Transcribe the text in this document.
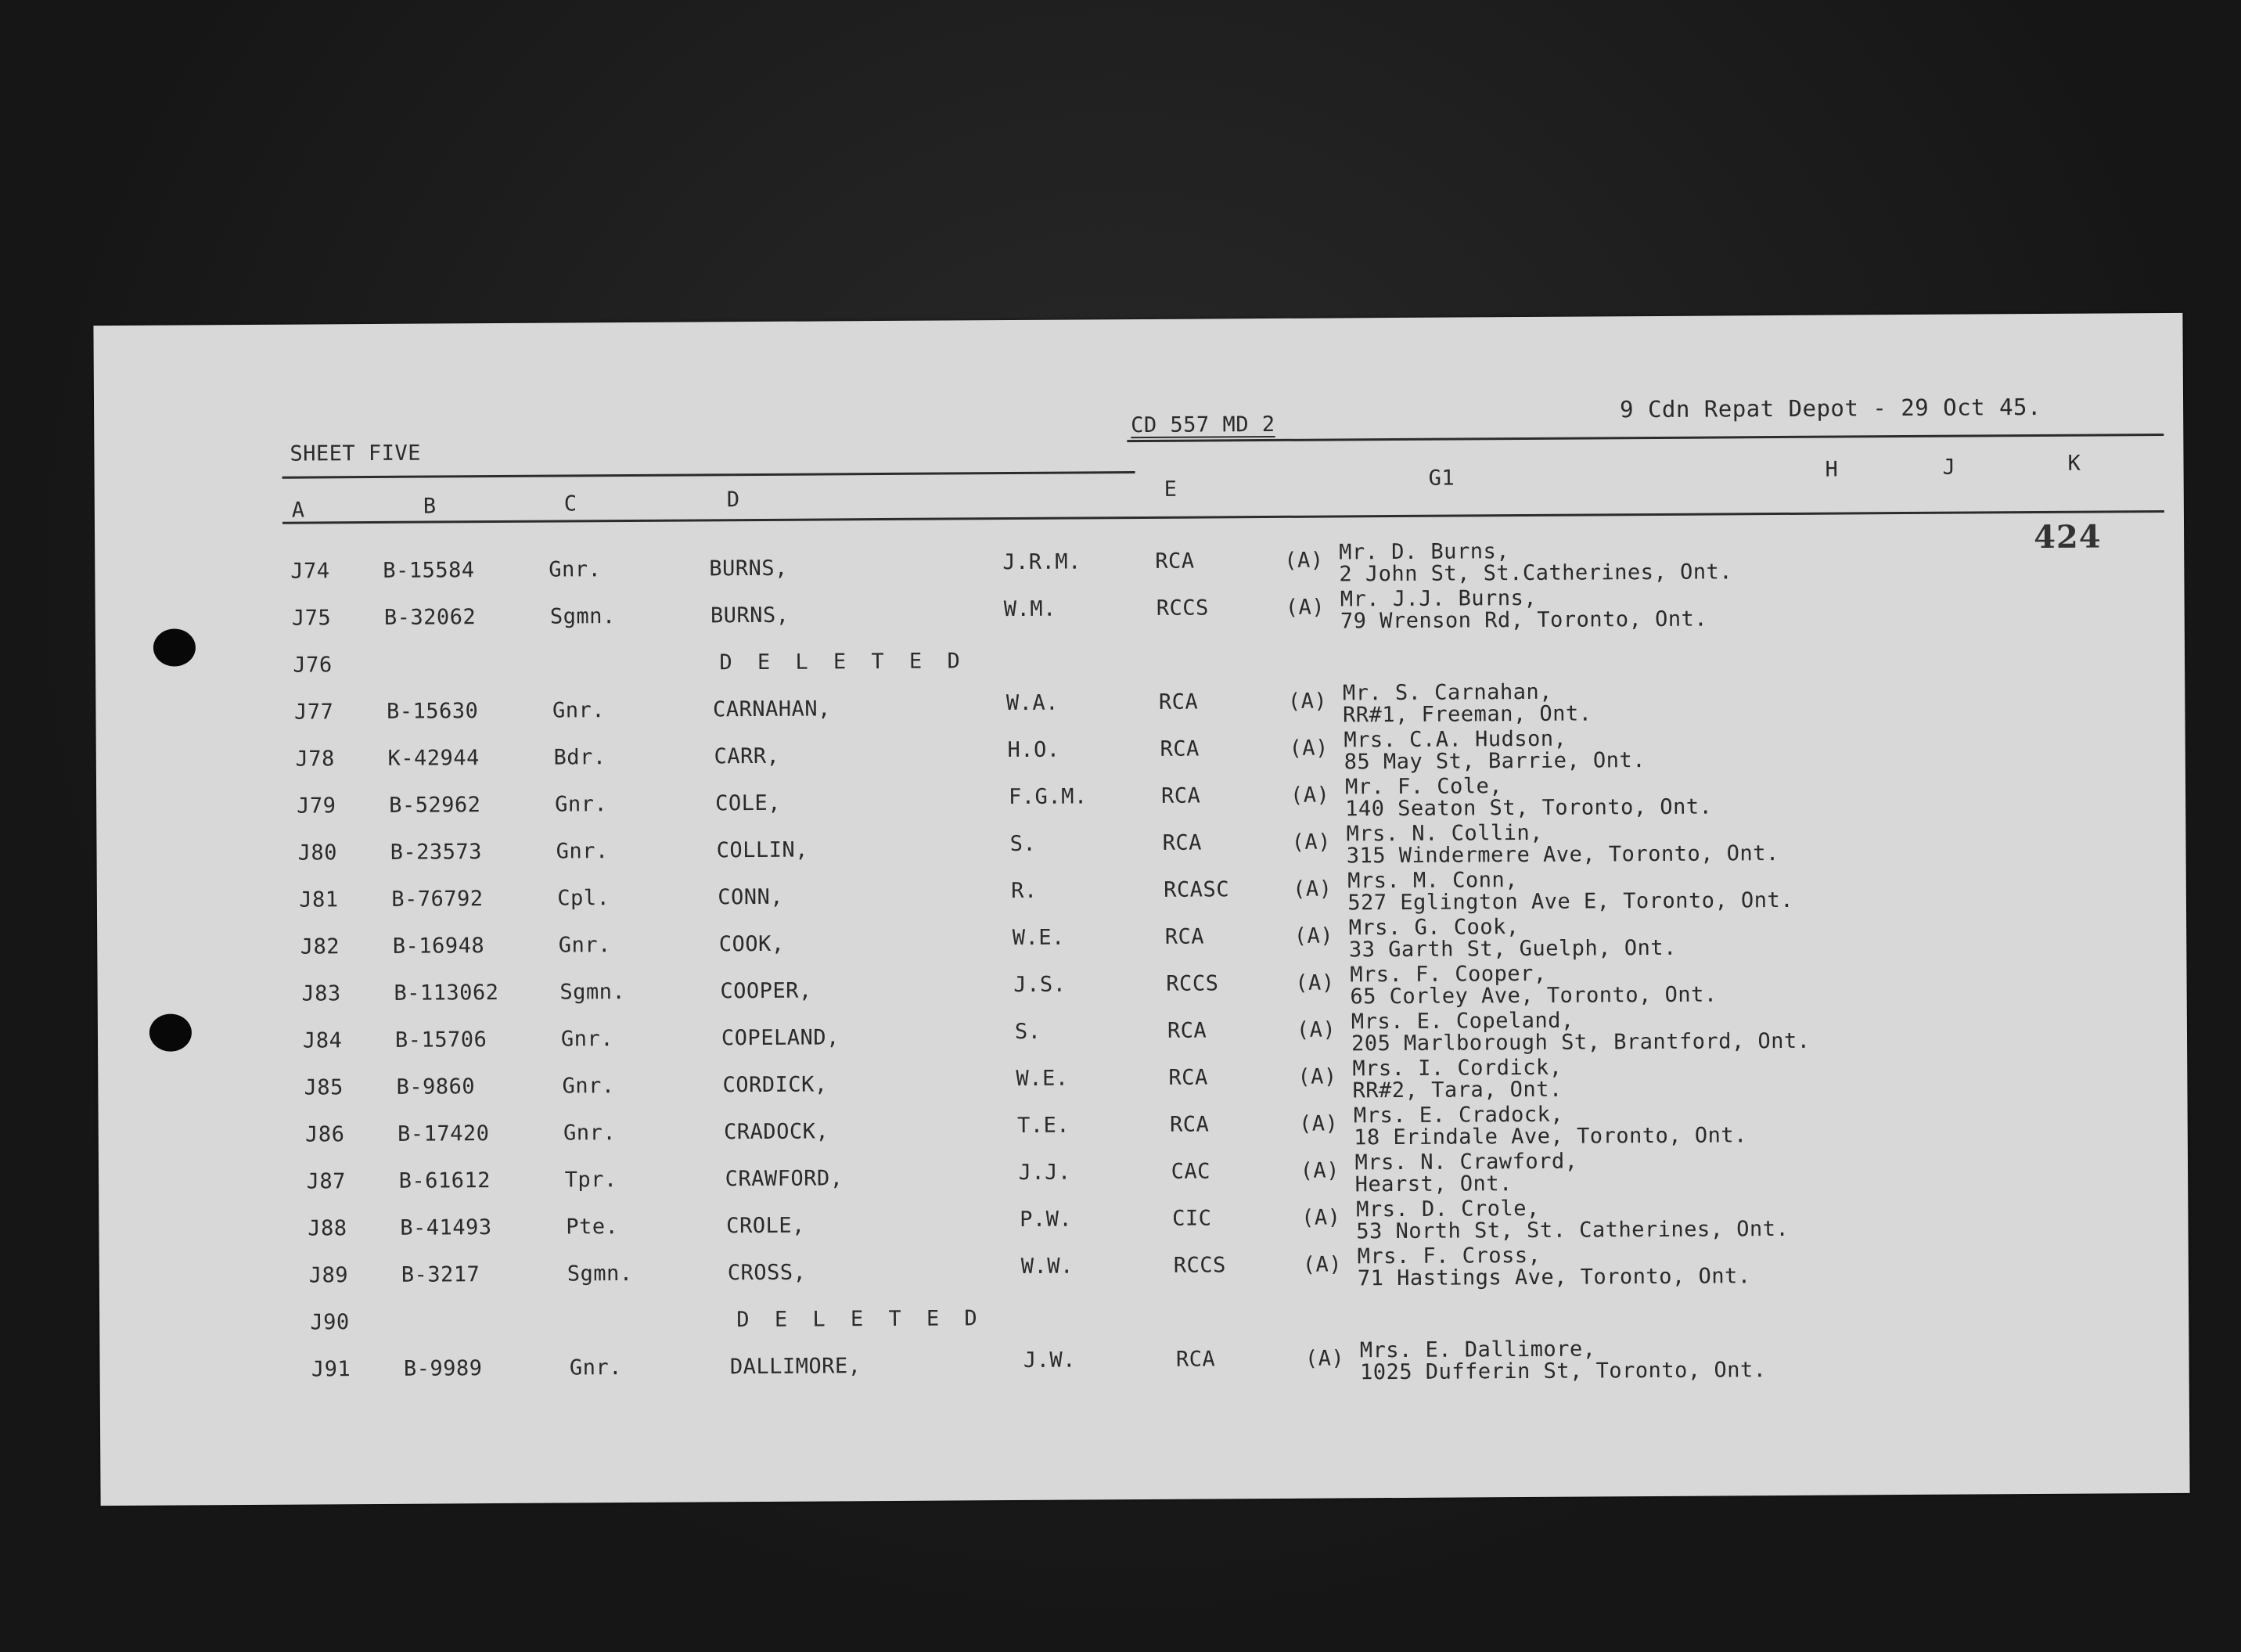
SHEET FIVE
CD 557 MD 2
9 Cdn Repat Depot - 29 Oct 45.
A	B	C	D	E	G1	H	J	K
424
J74	B-15584	Gnr.	BURNS,	J.R.M.	RCA	(A) Mr. D. Burns,
2 John St, St.Catherines, Ont.
J75	B-32062	Sgmn.	BURNS,	W.M.	RCCS	(A) Mr. J.J. Burns,
79 Wrenson Rd, Toronto, Ont.
J76	D E L E T E D
J77	B-15630	Gnr.	CARNAHAN,	W.A.	RCA	(A) Mr. S. Carnahan,
RR#1, Freeman, Ont.
J78	K-42944	Bdr.	CARR,	H.O.	RCA	(A) Mrs. C.A. Hudson,
85 May St, Barrie, Ont.
J79	B-52962	Gnr.	COLE,	F.G.M.	RCA	(A) Mr. F. Cole,
140 Seaton St, Toronto, Ont.
J80	B-23573	Gnr.	COLLIN,	S.	RCA	(A) Mrs. N. Collin,
315 Windermere Ave, Toronto, Ont.
J81	B-76792	Cpl.	CONN,	R.	RCASC	(A) Mrs. M. Conn,
527 Eglington Ave E, Toronto, Ont.
J82	B-16948	Gnr.	COOK,	W.E.	RCA	(A) Mrs. G. Cook,
33 Garth St, Guelph, Ont.
J83	B-113062	Sgmn.	COOPER,	J.S.	RCCS	(A) Mrs. F. Cooper,
65 Corley Ave, Toronto, Ont.
J84	B-15706	Gnr.	COPELAND,	S.	RCA	(A) Mrs. E. Copeland,
205 Marlborough St, Brantford, Ont.
J85	B-9860	Gnr.	CORDICK,	W.E.	RCA	(A) Mrs. I. Cordick,
RR#2, Tara, Ont.
J86	B-17420	Gnr.	CRADOCK,	T.E.	RCA	(A) Mrs. E. Cradock,
18 Erindale Ave, Toronto, Ont.
J87	B-61612	Tpr.	CRAWFORD,	J.J.	CAC	(A) Mrs. N. Crawford,
Hearst, Ont.
J88	B-41493	Pte.	CROLE,	P.W.	CIC	(A) Mrs. D. Crole,
53 North St, St. Catherines, Ont.
J89	B-3217	Sgmn.	CROSS,	W.W.	RCCS	(A) Mrs. F. Cross,
71 Hastings Ave, Toronto, Ont.
J90	D E L E T E D
J91	B-9989	Gnr.	DALLIMORE,	J.W.	RCA	(A) Mrs. E. Dallimore,
1025 Dufferin St, Toronto, Ont.
